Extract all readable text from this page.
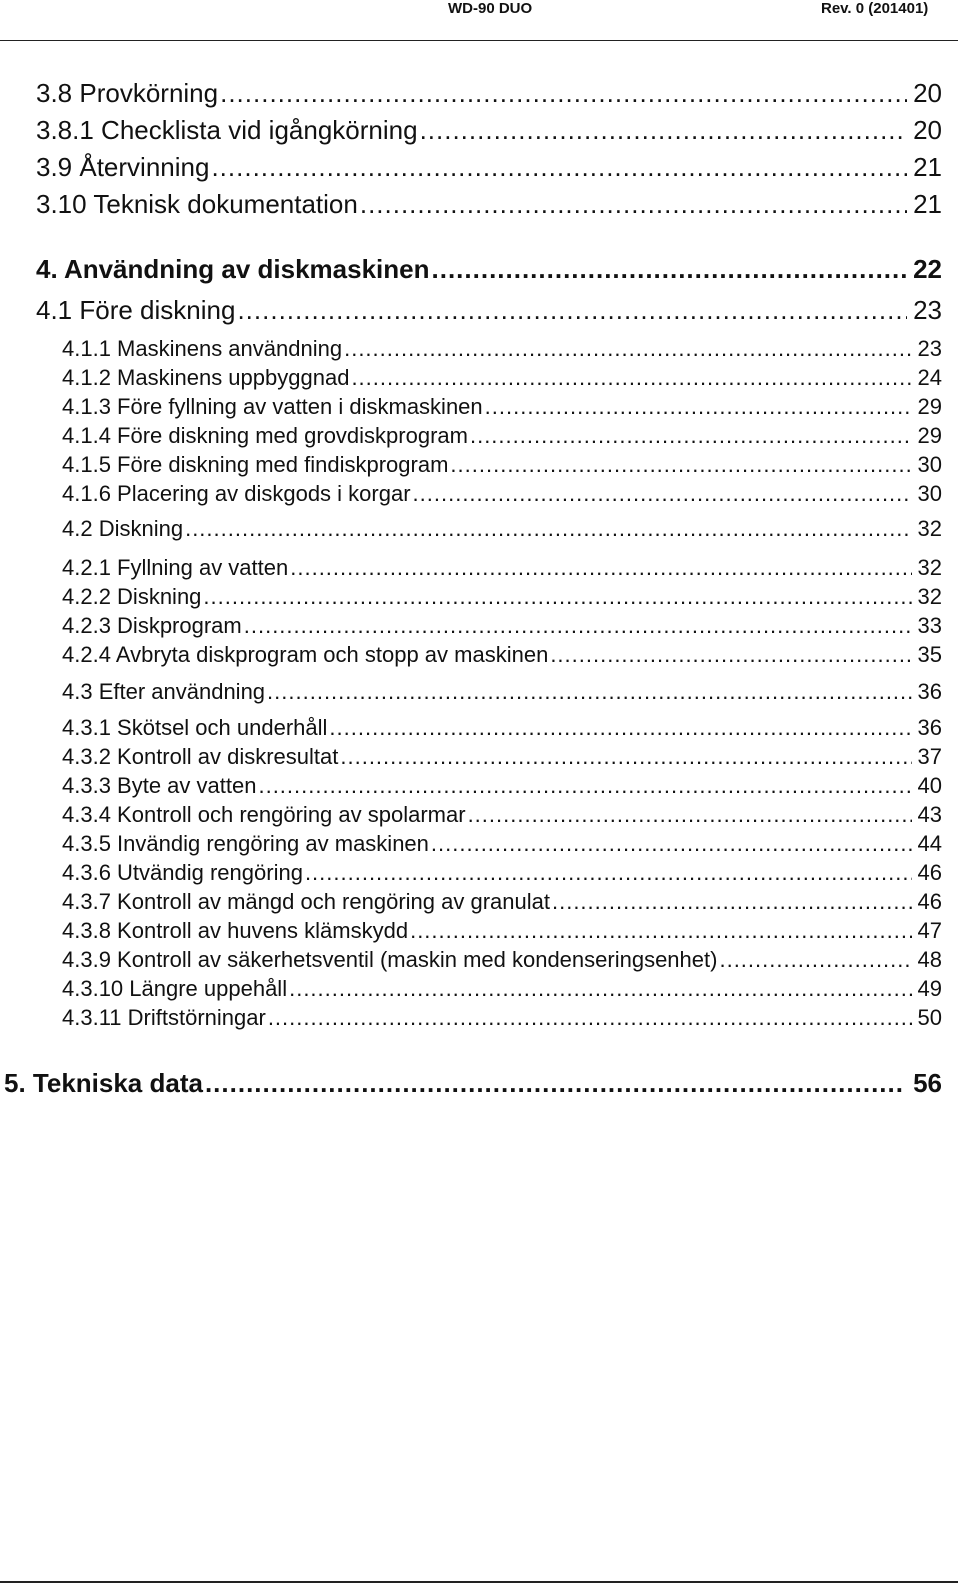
WD-90 DUO	Rev. 0 (201401)
3.8 Provkörning .....	20
3.8.1 Checklista vid igångkörning .....	20
3.9 Återvinning .....	21
3.10 Teknisk dokumentation .....	21
4. Användning av diskmaskinen .....	22
4.1 Före diskning .....	23
4.1.1 Maskinens användning .....	23
4.1.2 Maskinens uppbyggnad .....	24
4.1.3 Före fyllning av vatten i diskmaskinen .....	29
4.1.4 Före diskning med grovdiskprogram .....	29
4.1.5 Före diskning med findiskprogram .....	30
4.1.6 Placering av diskgods i korgar .....	30
4.2 Diskning .....	32
4.2.1 Fyllning av vatten .....	32
4.2.2 Diskning .....	32
4.2.3 Diskprogram .....	33
4.2.4 Avbryta diskprogram och stopp av maskinen .....	35
4.3 Efter användning .....	36
4.3.1 Skötsel och underhåll .....	36
4.3.2 Kontroll av diskresultat .....	37
4.3.3 Byte av vatten .....	40
4.3.4 Kontroll och rengöring av spolarmar .....	43
4.3.5 Invändig rengöring av maskinen .....	44
4.3.6 Utvändig rengöring .....	46
4.3.7 Kontroll av mängd och rengöring av granulat .....	46
4.3.8 Kontroll av huvens klämskydd .....	47
4.3.9 Kontroll av säkerhetsventil (maskin med kondenseringsenhet) .....	48
4.3.10 Längre uppehåll .....	49
4.3.11 Driftstörningar .....	50
5. Tekniska data .....	56
